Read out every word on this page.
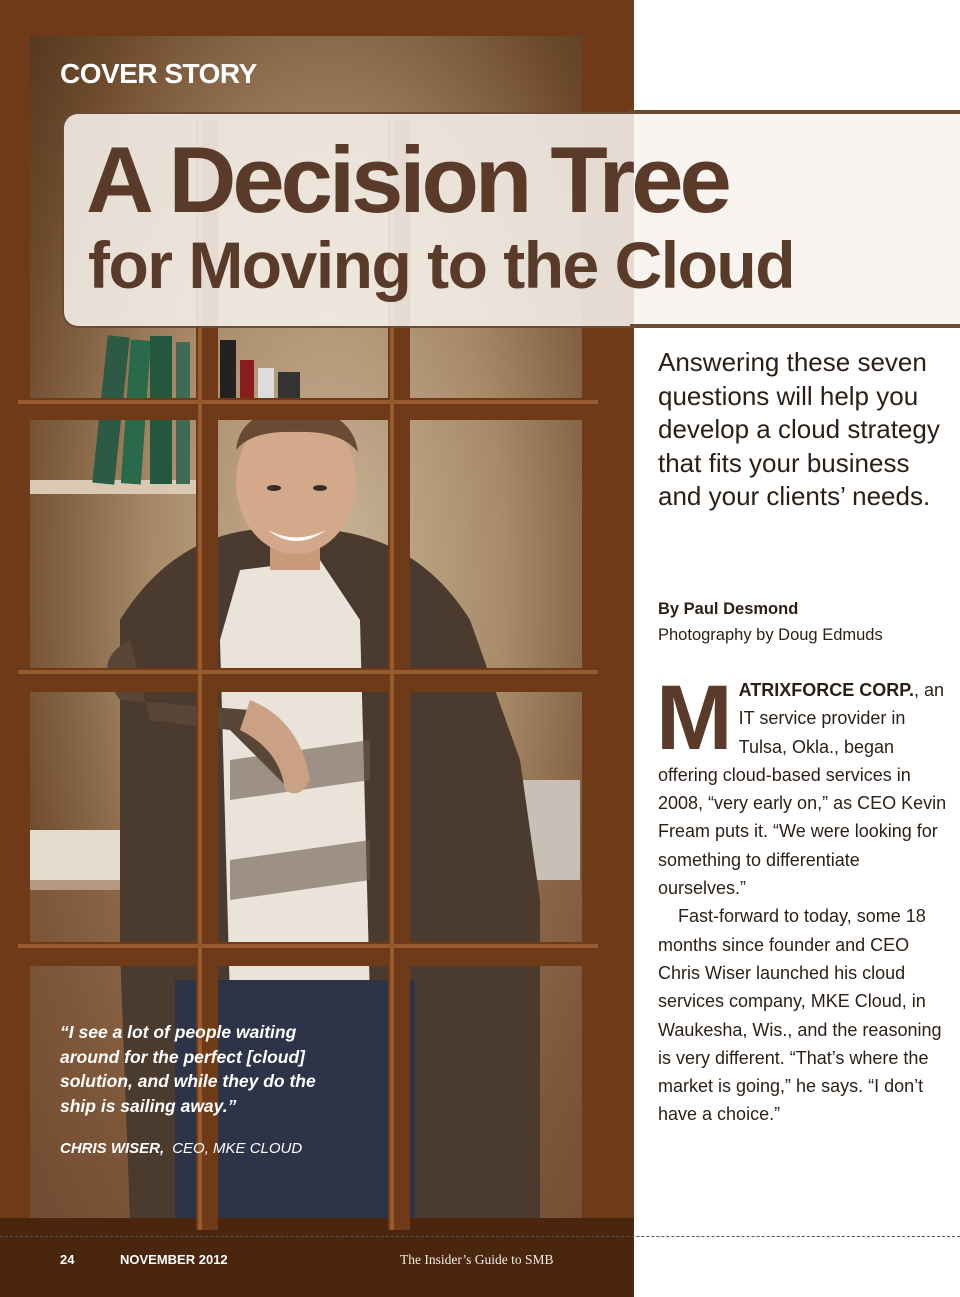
COVER STORY

A Decision Tree
for Moving to the Cloud

Answering these seven questions will help you develop a cloud strategy that fits your business and your clients’ needs.

By Paul Desmond

Photography by Doug Edmuds

MATRIXFORCE CORP., an IT service provider in Tulsa, Okla., began offering cloud-based services in 2008, “very early on,” as CEO Kevin Fream puts it. “We were looking for something to differentiate ourselves.”

Fast-forward to today, some 18 months since founder and CEO Chris Wiser launched his cloud services company, MKE Cloud, in Waukesha, Wis., and the reasoning is very different. “That’s where the market is going,” he says. “I don’t have a choice.”

“I see a lot of people waiting around for the perfect [cloud] solution, and while they do the ship is sailing away.”

CHRIS WISER, CEO, MKE CLOUD

24	NOVEMBER 2012	The Insider’s Guide to SMB
